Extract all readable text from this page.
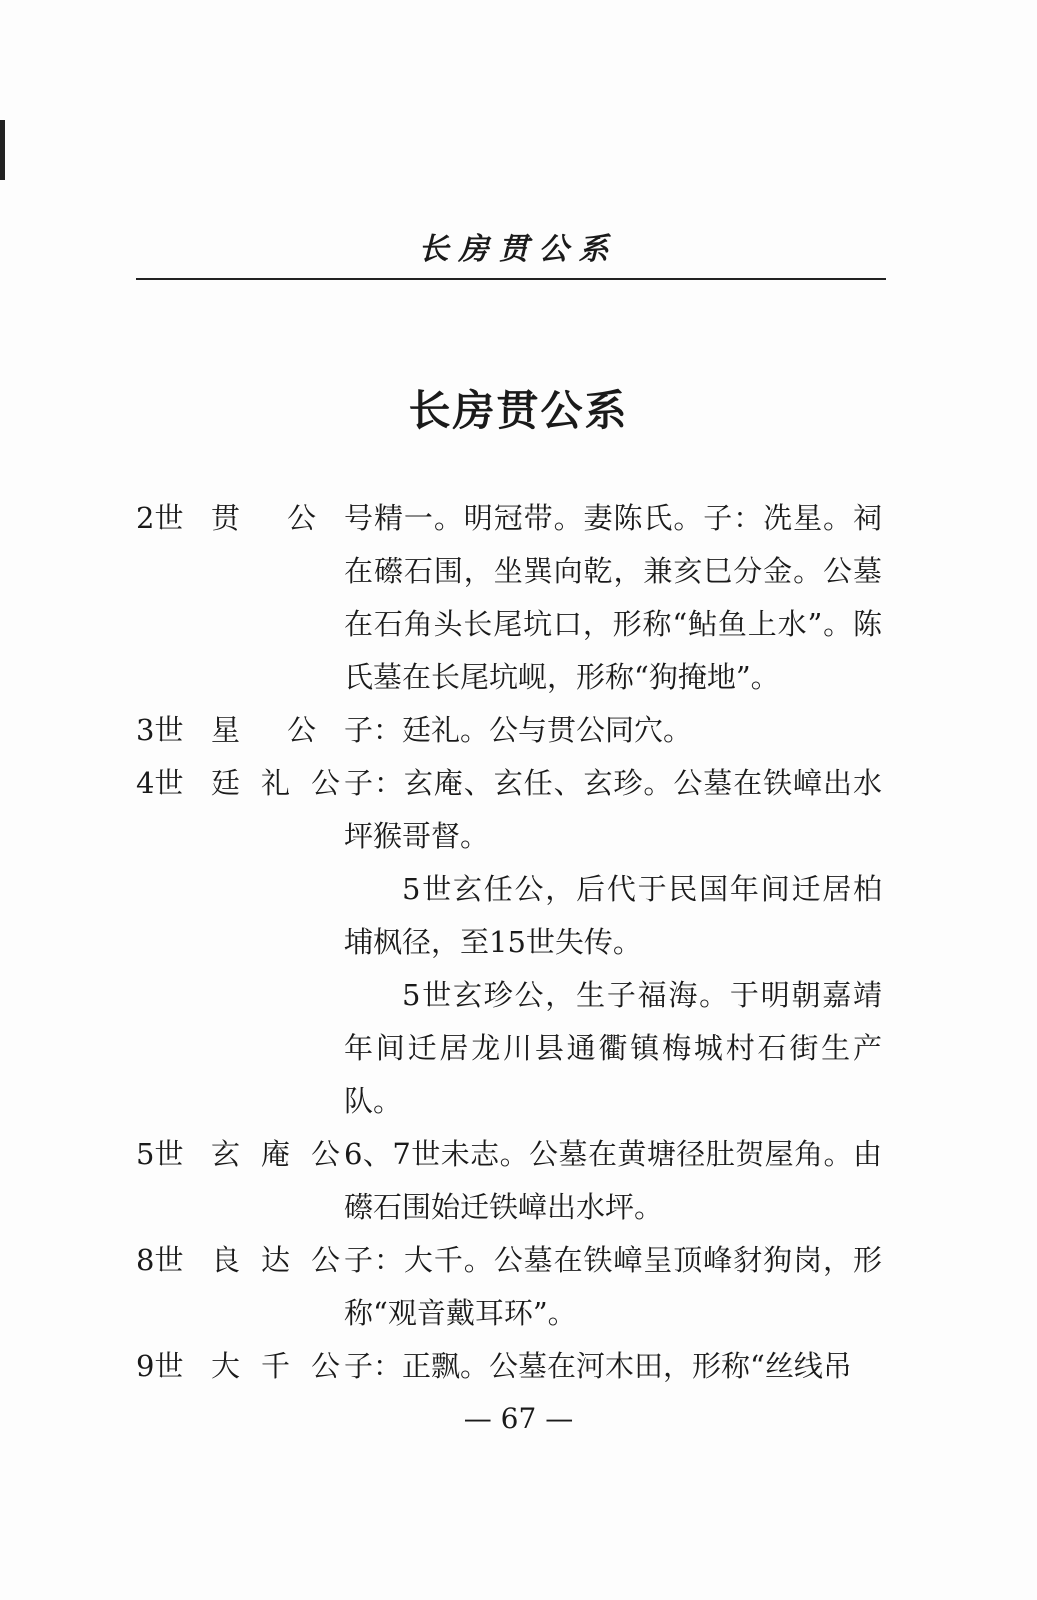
长房贯公系
长房贯公系
2世 贯　公 号精一。明冠带。妻陈氏。子：冼星。祠在礤石围，坐巽向乾，兼亥巳分金。公墓在石角头长尾坑口，形称“鲇鱼上水”。陈氏墓在长尾坑岘，形称“狗掩地”。
3世 星　公 子：廷礼。公与贯公同穴。
4世 廷礼公 子：玄庵、玄任、玄珍。公墓在铁嶂出水坪猴哥督。
5世玄任公，后代于民国年间迁居柏埔枫径，至15世失传。
5世玄珍公，生子福海。于明朝嘉靖年间迁居龙川县通衢镇梅城村石街生产队。
5世 玄庵公 6、7世未志。公墓在黄塘径肚贺屋角。由礤石围始迁铁嶂出水坪。
8世 良达公 子：大千。公墓在铁嶂呈顶峰豺狗岗，形称“观音戴耳环”。
9世 大千公 子：正飘。公墓在河木田，形称“丝线吊
— 67 —
